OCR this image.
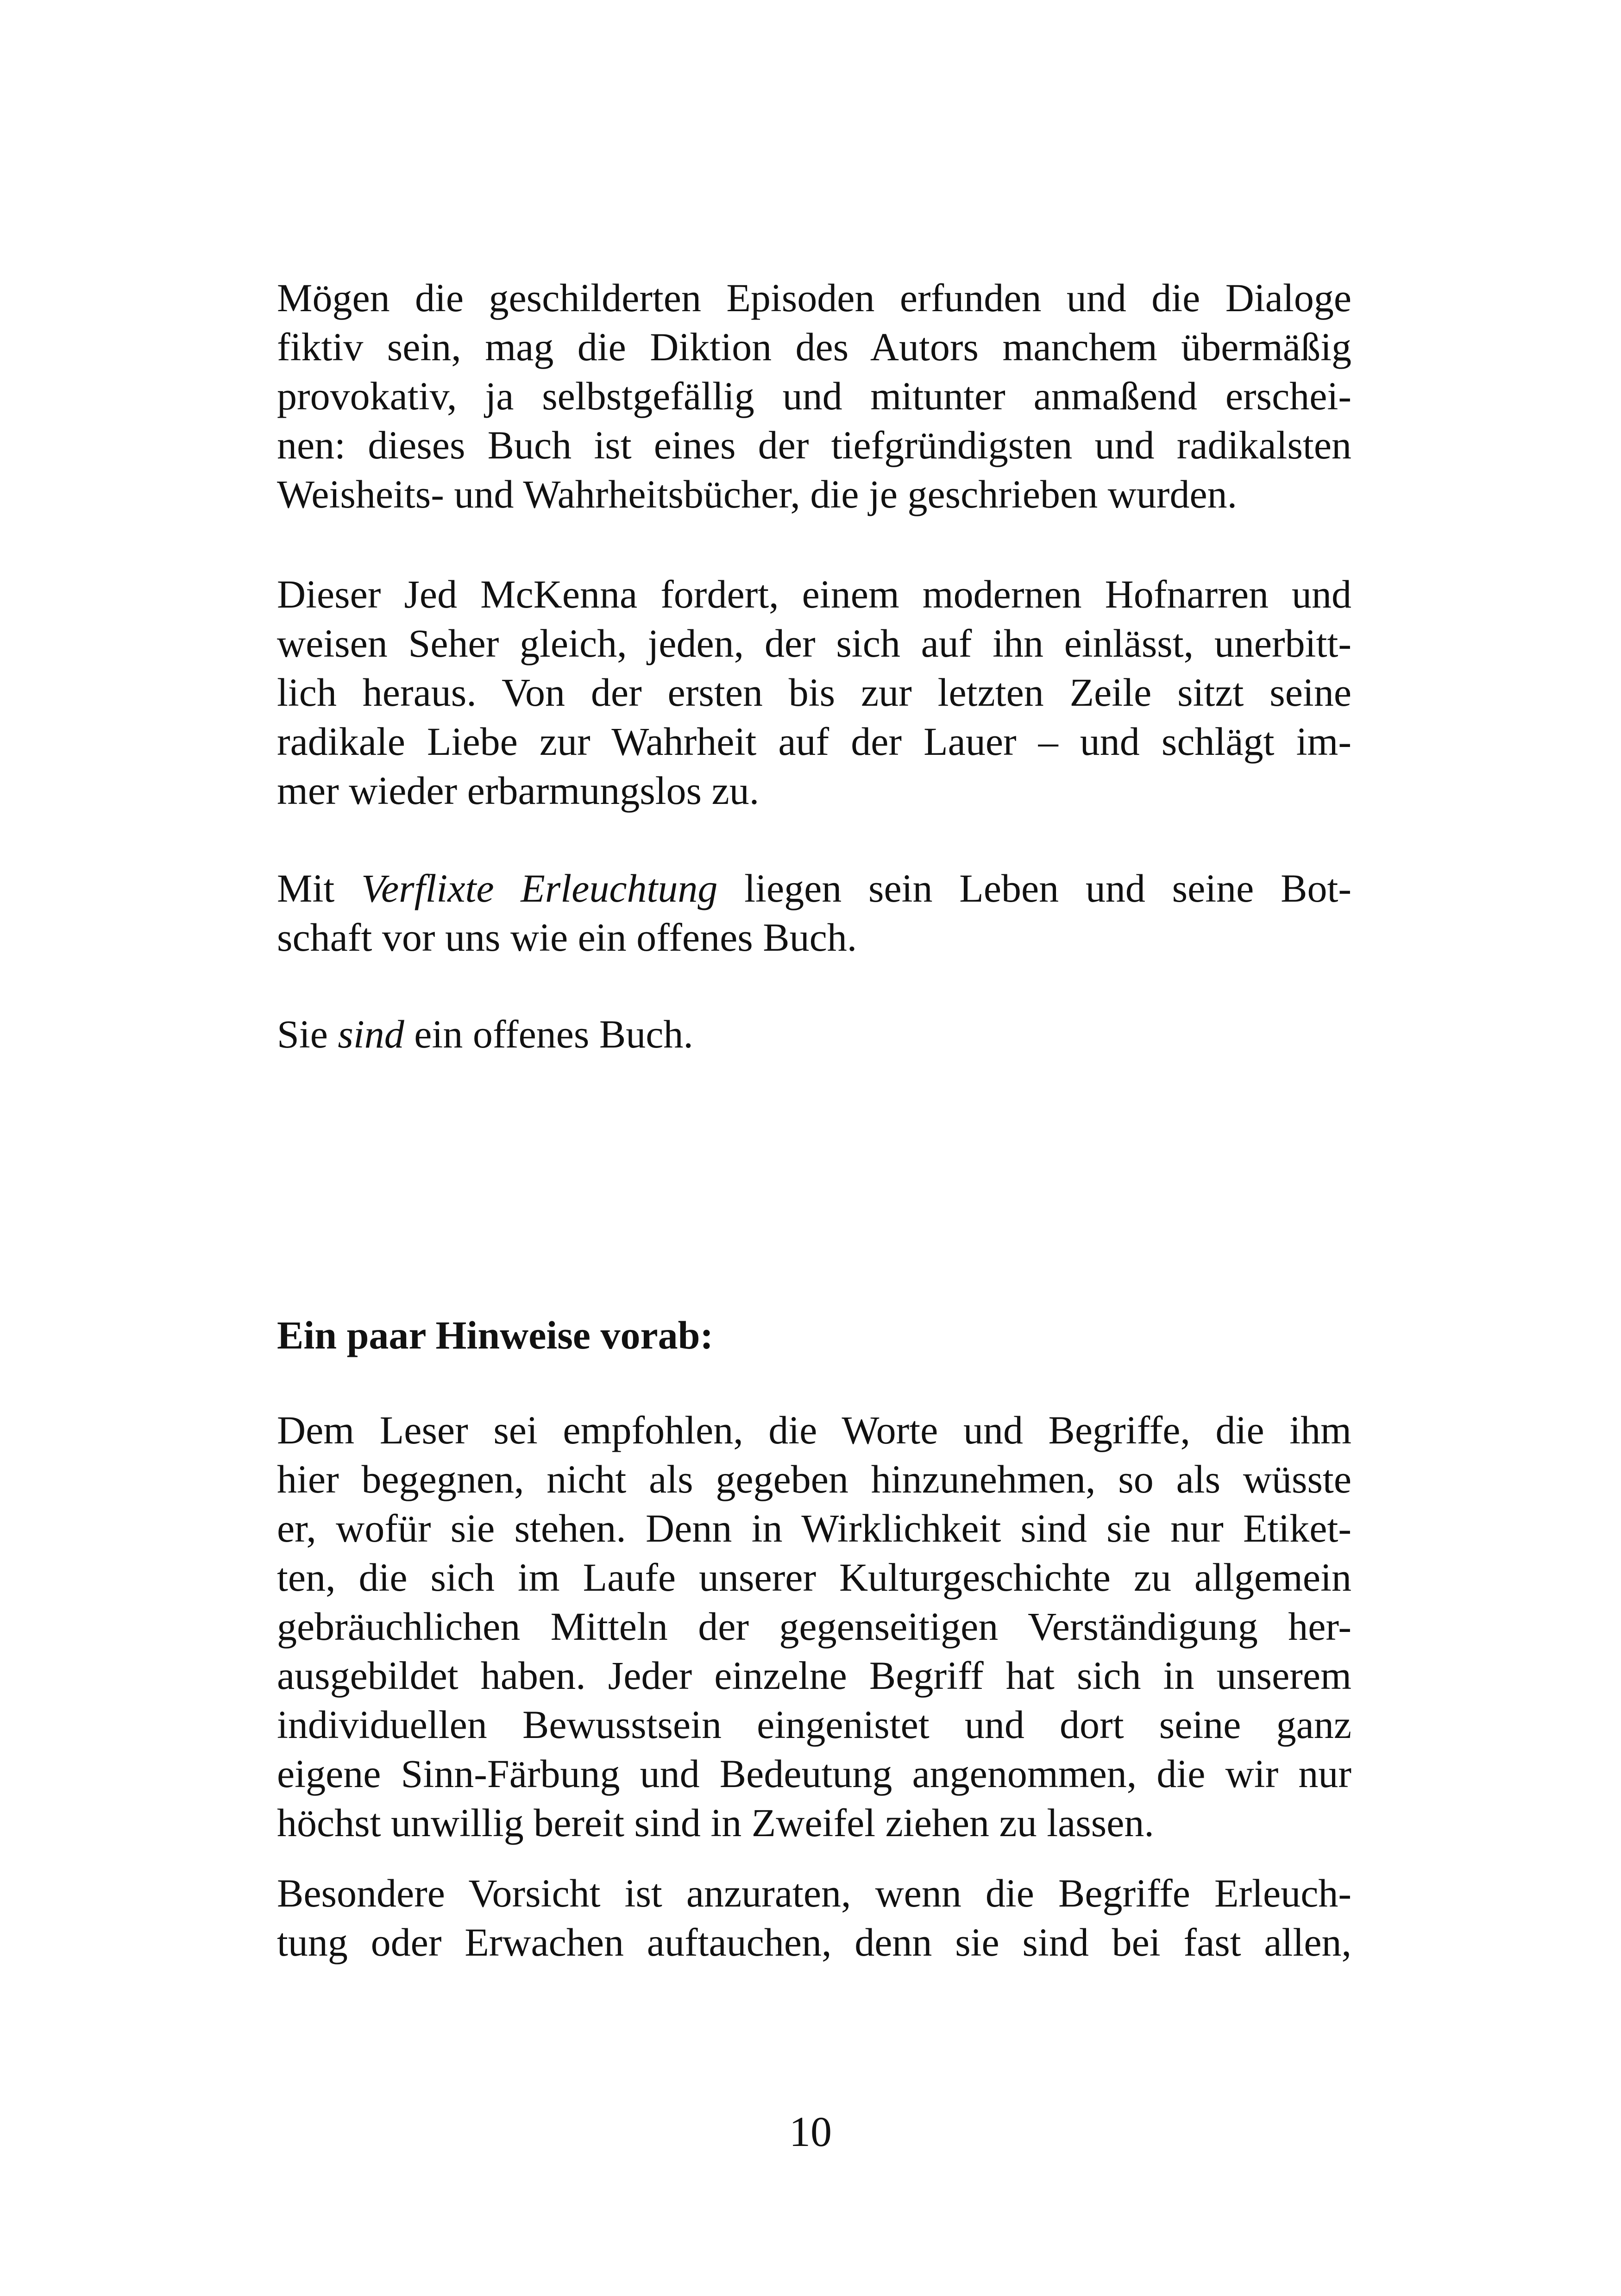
Mögen die geschilderten Episoden erfunden und die Dialoge
fiktiv sein, mag die Diktion des Autors manchem übermäßig
provokativ, ja selbstgefällig und mitunter anmaßend erschei-
nen: dieses Buch ist eines der tiefgründigsten und radikalsten
Weisheits- und Wahrheitsbücher, die je geschrieben wurden.
Dieser Jed McKenna fordert, einem modernen Hofnarren und
weisen Seher gleich, jeden, der sich auf ihn einlässt, unerbitt-
lich heraus. Von der ersten bis zur letzten Zeile sitzt seine
radikale Liebe zur Wahrheit auf der Lauer – und schlägt im-
mer wieder erbarmungslos zu.
Mit Verflixte Erleuchtung liegen sein Leben und seine Bot-
schaft vor uns wie ein offenes Buch.
Sie sind ein offenes Buch.
Ein paar Hinweise vorab:
Dem Leser sei empfohlen, die Worte und Begriffe, die ihm
hier begegnen, nicht als gegeben hinzunehmen, so als wüsste
er, wofür sie stehen. Denn in Wirklichkeit sind sie nur Etiket-
ten, die sich im Laufe unserer Kulturgeschichte zu allgemein
gebräuchlichen Mitteln der gegenseitigen Verständigung her-
ausgebildet haben. Jeder einzelne Begriff hat sich in unserem
individuellen Bewusstsein eingenistet und dort seine ganz
eigene Sinn-Färbung und Bedeutung angenommen, die wir nur
höchst unwillig bereit sind in Zweifel ziehen zu lassen.
Besondere Vorsicht ist anzuraten, wenn die Begriffe Erleuch-
tung oder Erwachen auftauchen, denn sie sind bei fast allen,
10
